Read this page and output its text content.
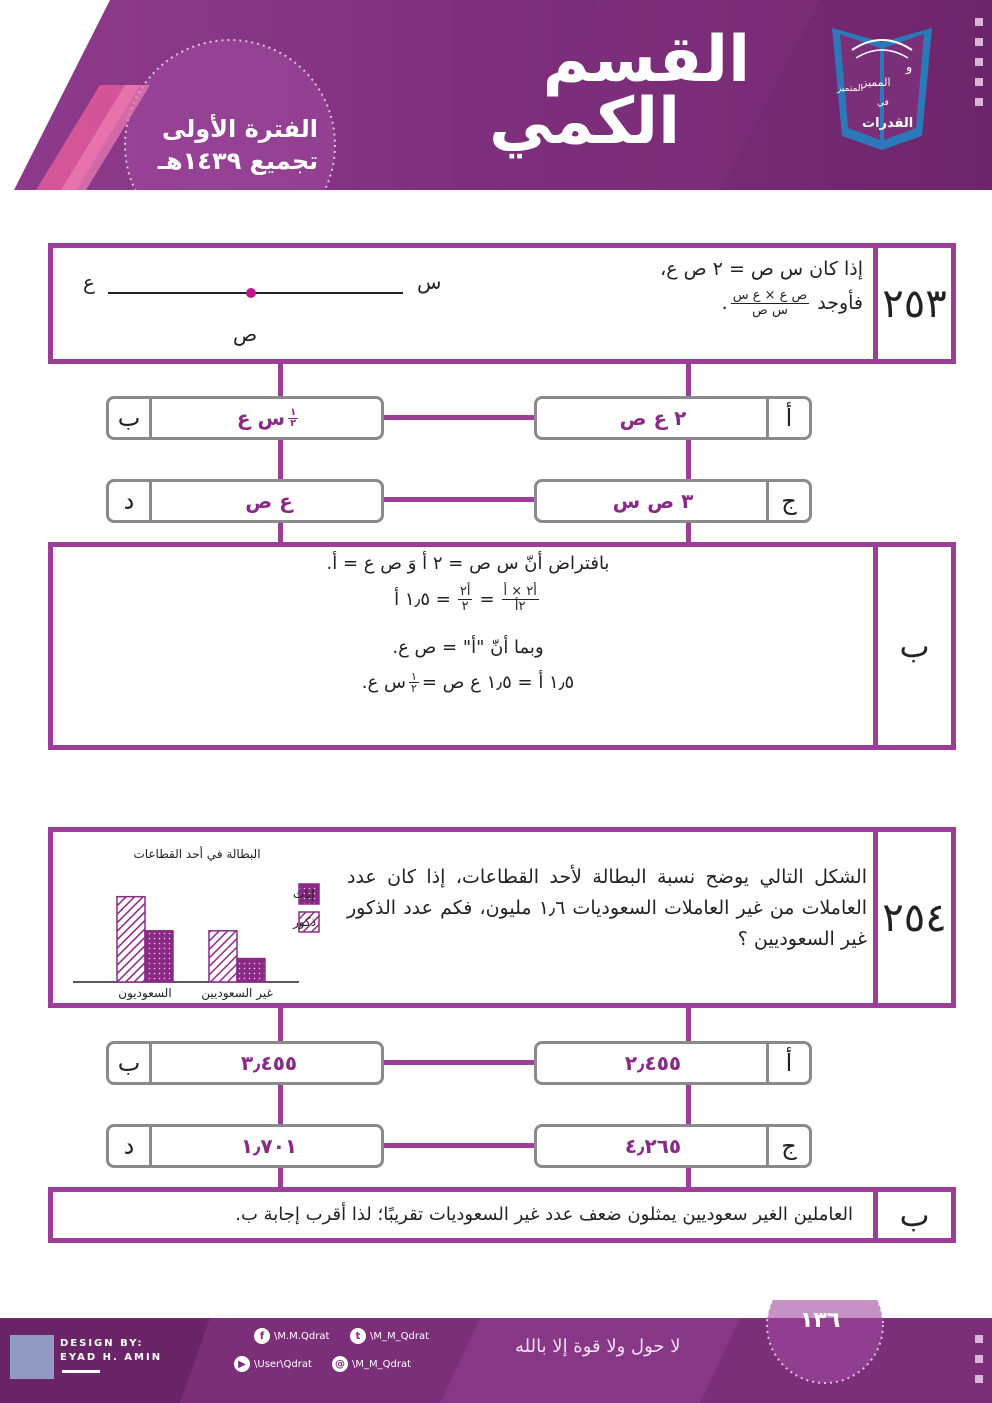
القسم
الكمي
الفترة الأولى
تجميع ١٤٣٩هـ
المميز
في
القدرات
و
المتميز
٢٥٣
إذا كان س ص = ٢ ص ع،
فأوجد
$\frac{\text{ص ع × ع س}}{\text{س ص}}$
.
ع	س
ص
أ
٢ ع ص
ب	$\frac{١}{٢}$
س ع
ج
٣ ص س
د	ع ص
ب
بافتراض أنّ س ص = ٢ أ وَ ص ع = أ.
$\frac{\text{أ٢ × أ}}{\text{٢أ}}$
=
$\frac{\text{أ٢}}{٢}$
= ١٫٥ أ
وبما أنّ "أ" = ص ع.
١٫٥ أ = ١٫٥ ع ص =
$\frac{١}{٢}$
س ع.
٢٥٤
الشكل التالي يوضح نسبة البطالة لأحد القطاعات، إذا كان عدد العاملات من غير العاملات السعوديات ١٫٦ مليون، فكم عدد الذكور غير السعوديين ؟
البطالة في أحد القطاعات
السعوديون غير السعوديين
إناث
ذكور
أ
٢٫٤٥٥
ب	٣٫٤٥٥
ج
٤٫٢٦٥
د	١٫٧٠١
ب
العاملين الغير سعوديين يمثلون ضعف عدد غير السعوديات تقريبًا؛ لذا أقرب إجابة ب.
١٣٦
DESIGN BY:
EYAD H. AMIN
f \M.M.Qdrat	t \M_M_Qdrat
▶ \User\Qdrat	@ \M_M_Qdrat
لا حول ولا قوة إلا بالله
